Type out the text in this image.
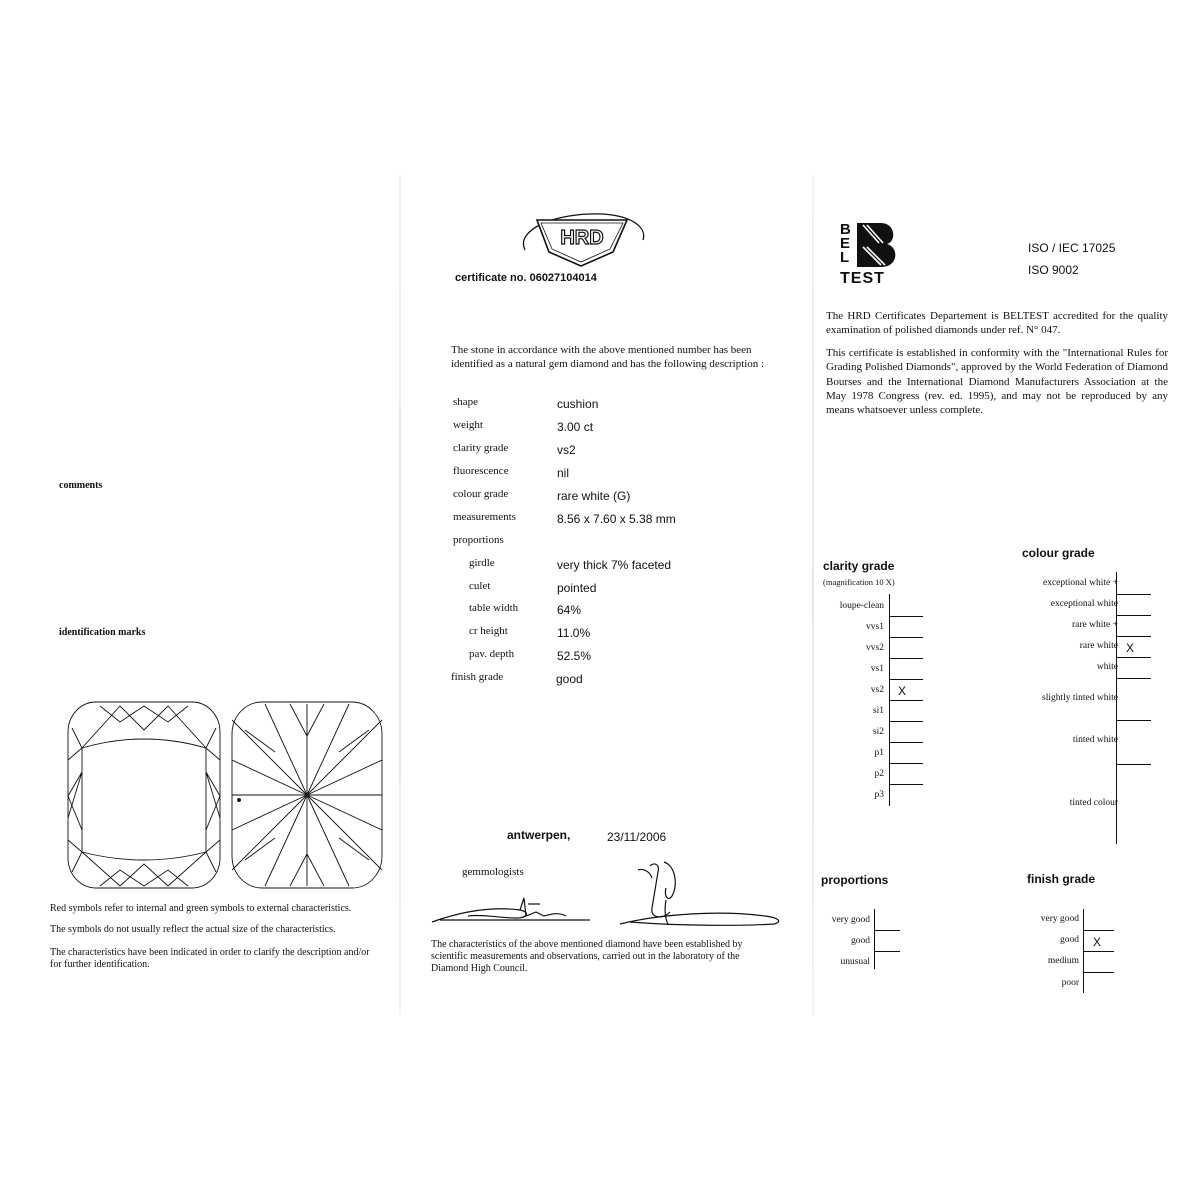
comments
identification marks
Red symbols refer to internal and green symbols to external characteristics.
The symbols do not usually reflect the actual size of the characteristics.
The characteristics have been indicated in order to clarify the description and/or for further identification.
HRD
certificate no. 06027104014
The stone in accordance with the above mentioned number has been identified as a natural gem diamond and has the following description :
shape	cushion
weight	3.00 ct
clarity grade	vs2
fluorescence	nil
colour grade	rare white (G)
measurements	8.56 x 7.60 x 5.38 mm
proportions
girdle	very thick 7% faceted
culet	pointed
table width	64%
cr height	11.0%
pav. depth	52.5%
finish grade	good
antwerpen,	23/11/2006
gemmologists
The characteristics of the above mentioned diamond have been established by scientific measurements and observations, carried out in the laboratory of the Diamond High Council.
B
E
L
TEST
ISO / IEC 17025
ISO 9002
The HRD Certificates Departement is BELTEST accredited for the quality examination of polished diamonds under ref. N° 047.
This certificate is established in conformity with the "International Rules for Grading Polished Diamonds", approved by the World Federation of Diamond Bourses and the International Diamond Manufacturers Association at the May 1978 Congress (rev. ed. 1995), and may not be reproduced by any means whatsoever unless complete.
clarity grade
(magnification 10 X)
loupe-clean
vvs1
vvs2
vs1
vs2 X
si1
si2
p1
p2
p3
colour grade
exceptional white +
exceptional white
rare white +
rare white X
white
slightly tinted white
tinted white
tinted colour
proportions
very good
good
unusual
finish grade
very good
good X
medium
poor
